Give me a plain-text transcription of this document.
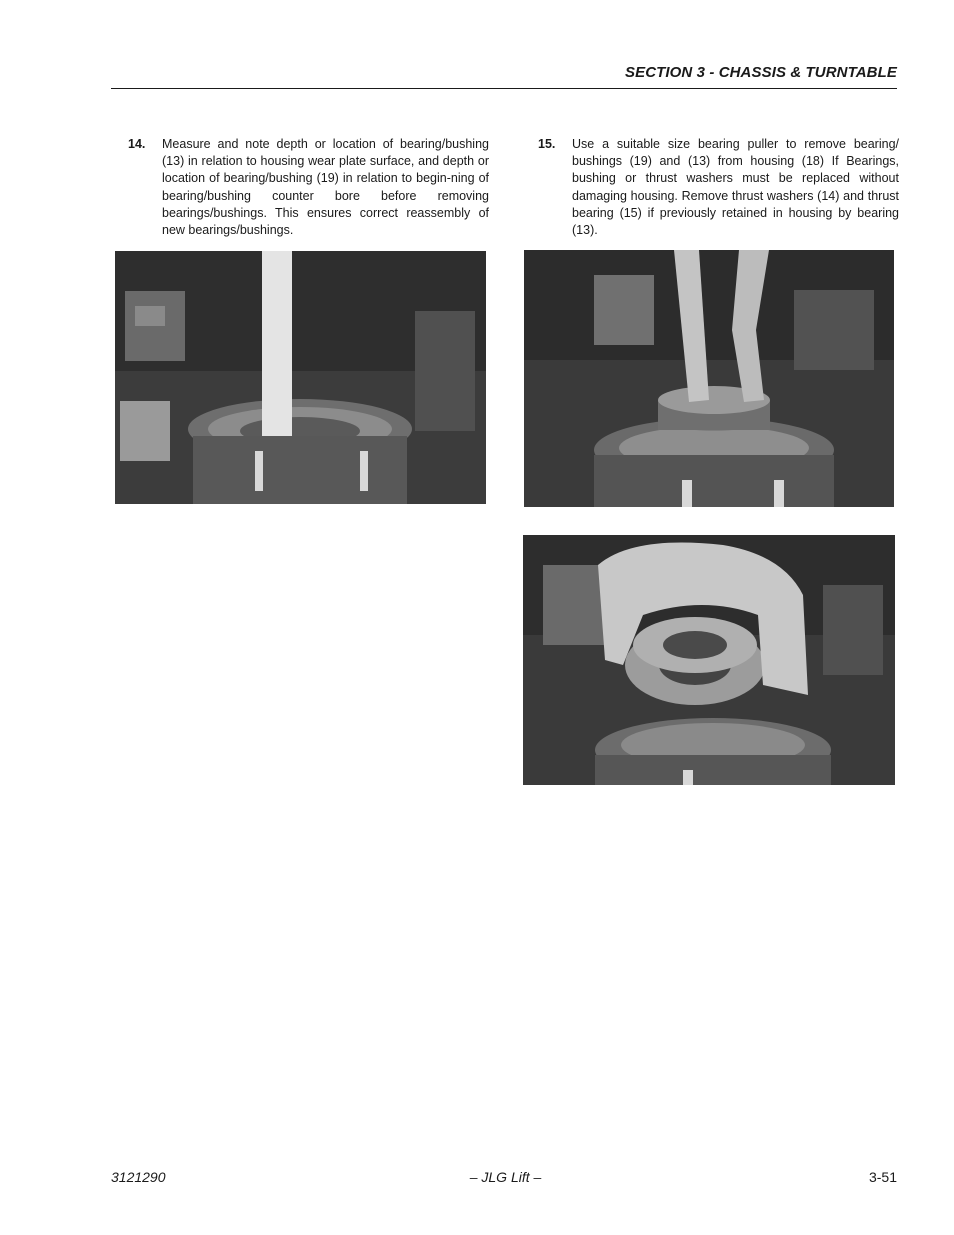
SECTION 3 - CHASSIS & TURNTABLE
14. Measure and note depth or location of bearing/bushing (13) in relation to housing wear plate surface, and depth or location of bearing/bushing (19) in relation to begin-ning of bearing/bushing counter bore before removing bearings/bushings. This ensures correct reassembly of new bearings/bushings.
15. Use a suitable size bearing puller to remove bearing/ bushings (19) and (13) from housing (18) If Bearings, bushing or thrust washers must be replaced without damaging housing. Remove thrust washers (14) and thrust bearing (15) if previously retained in housing by bearing (13).
3121290	– JLG Lift –	3-51
